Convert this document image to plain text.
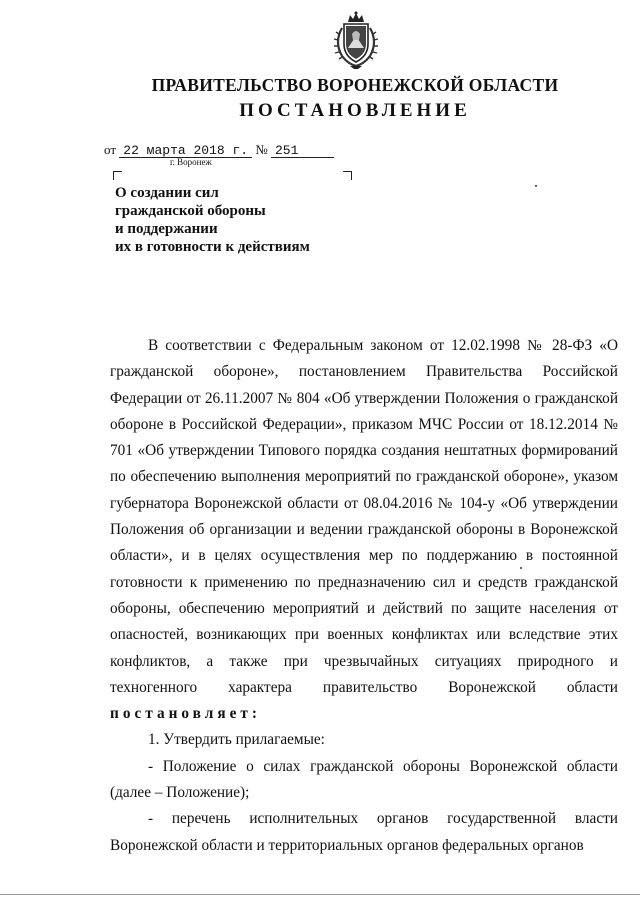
ПРАВИТЕЛЬСТВО ВОРОНЕЖСКОЙ ОБЛАСТИ
ПОСТАНОВЛЕНИЕ
от 22 марта 2018 г. № 251
г. Воронеж
О создании сил
гражданской обороны
и поддержании
их в готовности к действиям

В соответствии с Федеральным законом от 12.02.1998 № 28-ФЗ «О гражданской обороне», постановлением Правительства Российской Федерации от 26.11.2007 № 804 «Об утверждении Положения о гражданской обороне в Российской Федерации», приказом МЧС России от 18.12.2014 № 701 «Об утверждении Типового порядка создания нештатных формирований по обеспечению выполнения мероприятий по гражданской обороне», указом губернатора Воронежской области от 08.04.2016 № 104-у «Об утверждении Положения об организации и ведении гражданской обороны в Воронежской области», и в целях осуществления мер по поддержанию в постоянной готовности к применению по предназначению сил и средств гражданской обороны, обеспечению мероприятий и действий по защите населения от опасностей, возникающих при военных конфликтах или вследствие этих конфликтов, а также при чрезвычайных ситуациях природного и техногенного характера правительство Воронежской области постановляет:

1. Утвердить прилагаемые:

- Положение о силах гражданской обороны Воронежской области (далее – Положение);

- перечень исполнительных органов государственной власти Воронежской области и территориальных органов федеральных органов
